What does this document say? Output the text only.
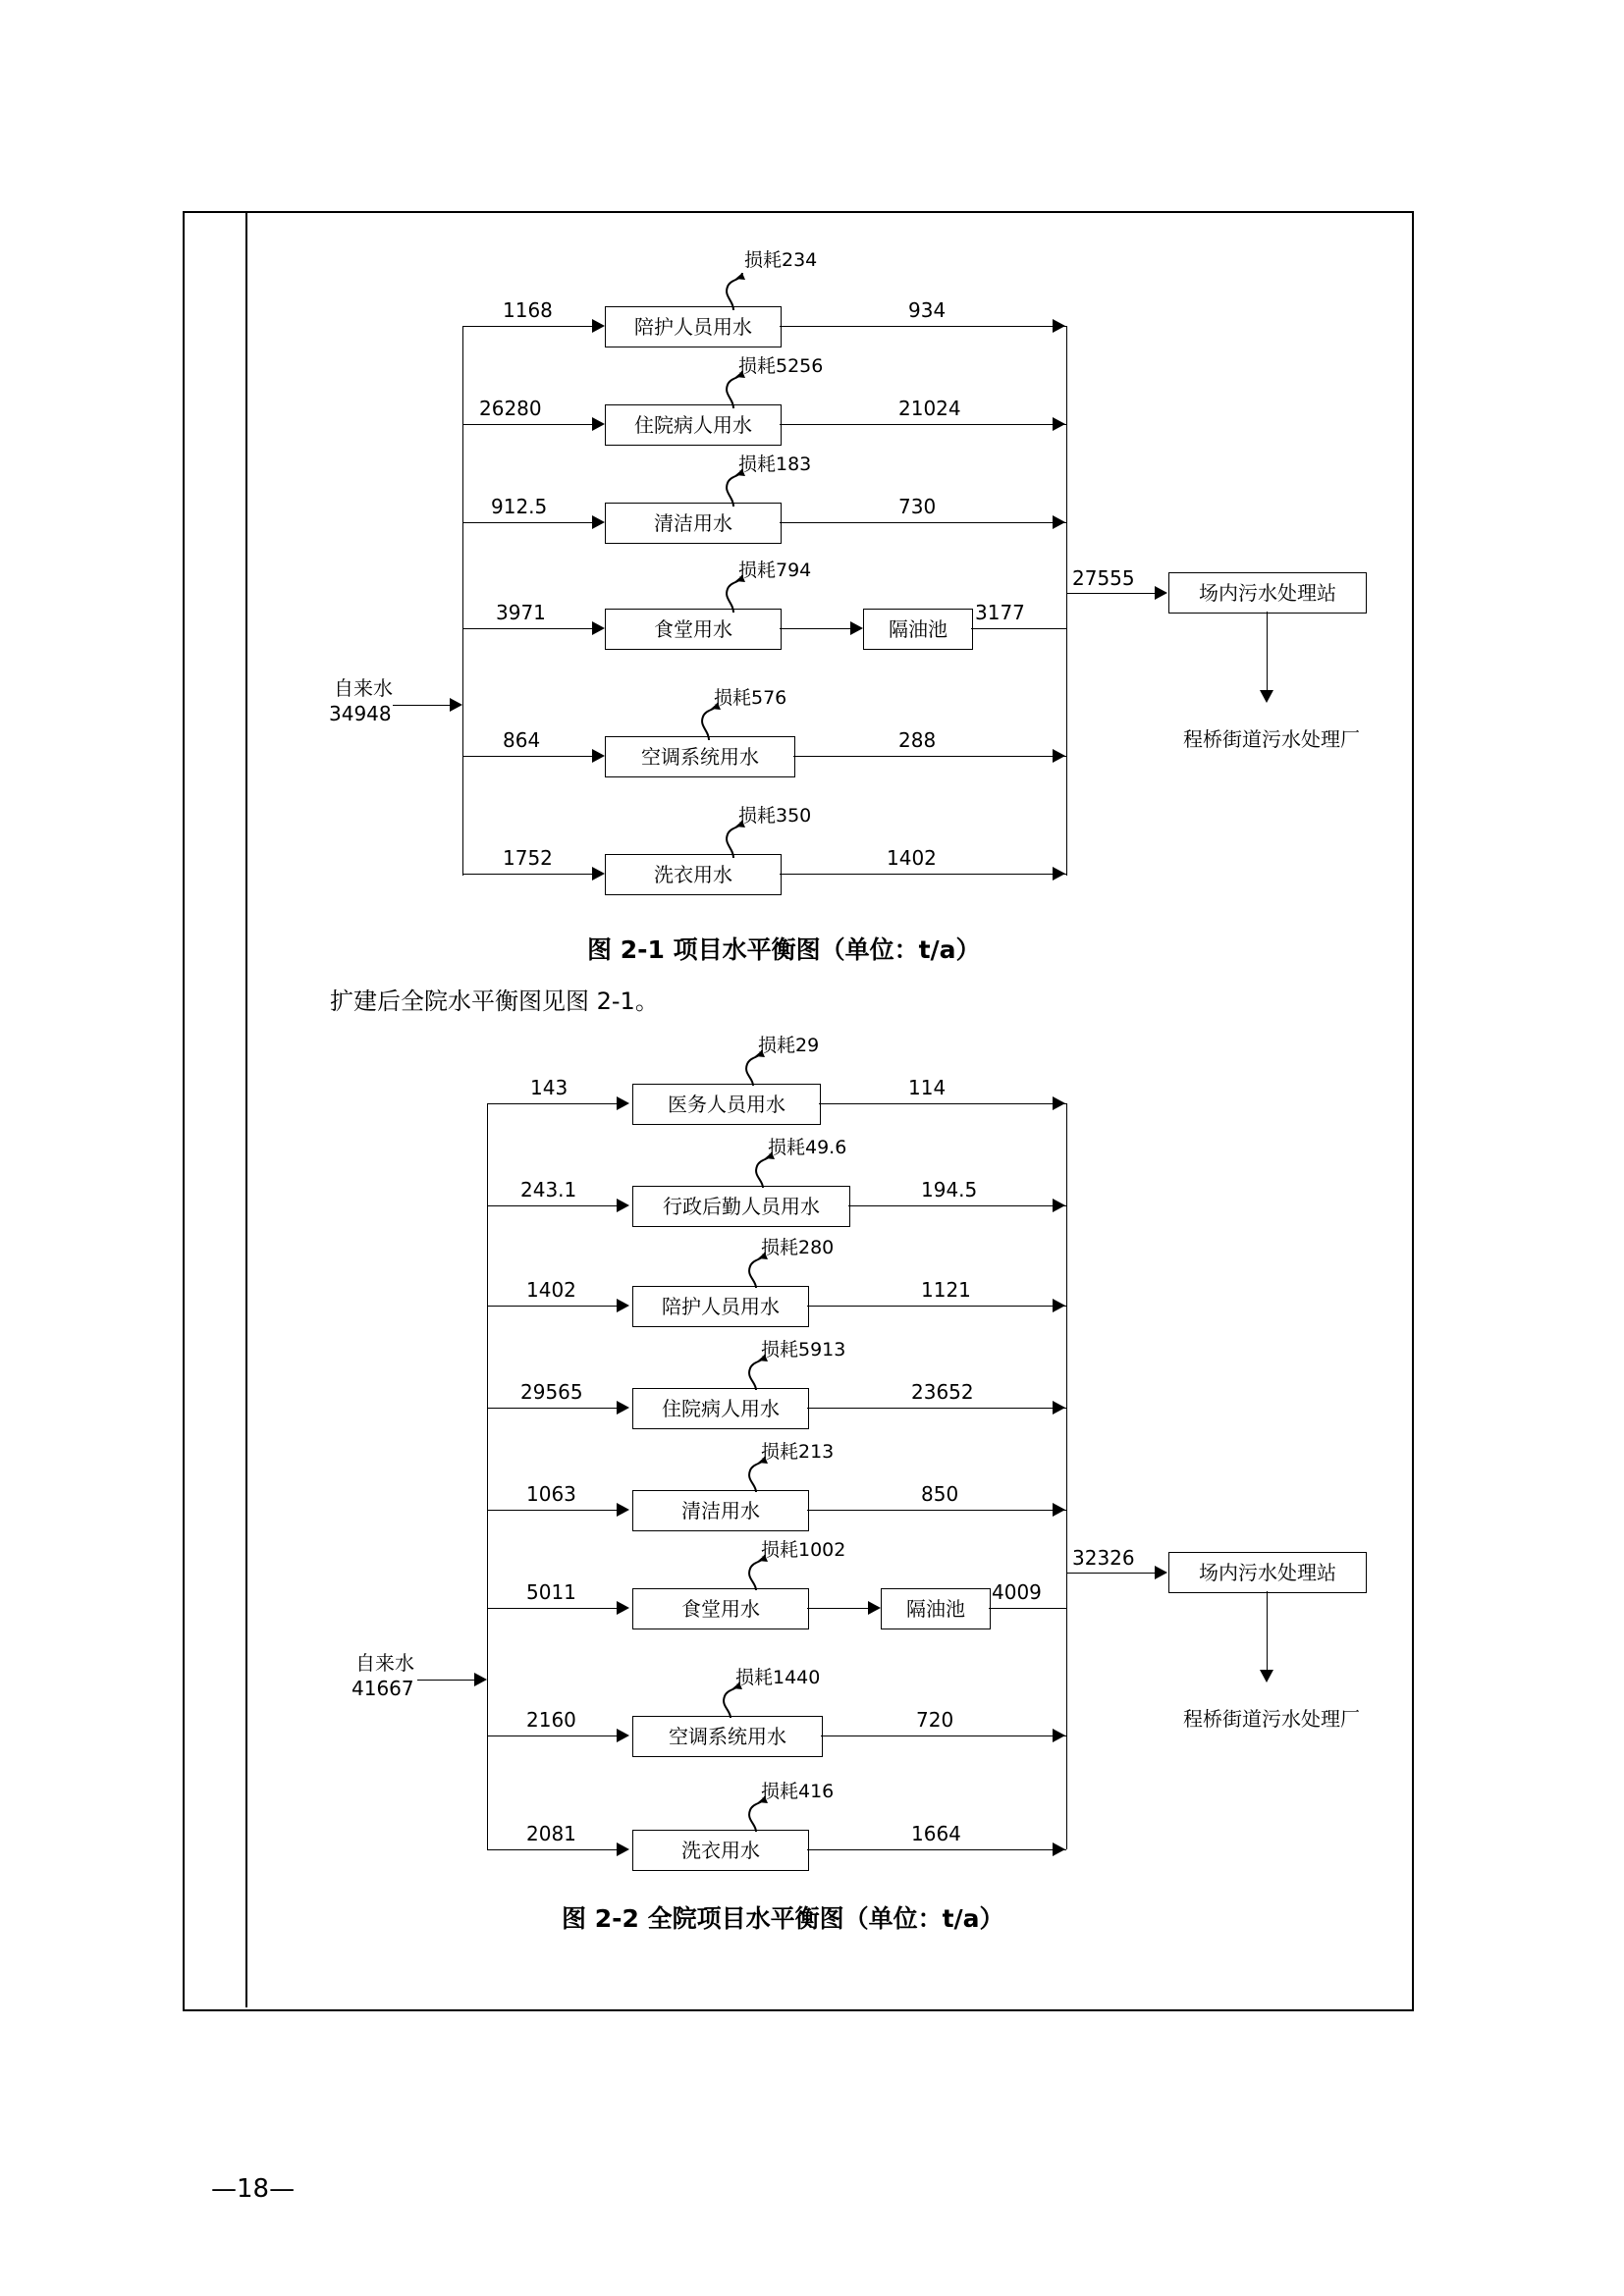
自来水
34948
27555
场内污水处理站
程桥街道污水处理厂
1168
陪护人员用水
934
损耗234
26280
住院病人用水
21024
损耗5256
912.5
清洁用水
730
损耗183
3971
食堂用水	隔油池
3177
损耗794
864
空调系统用水
288
损耗576
1752
洗衣用水
1402
损耗350
图 2-1 项目水平衡图（单位：t/a）
扩建后全院水平衡图见图 2-1。
自来水
41667
32326
场内污水处理站
程桥街道污水处理厂
143
医务人员用水
114
损耗29
243.1
行政后勤人员用水
194.5
损耗49.6
1402
陪护人员用水
1121
损耗280
29565
住院病人用水
23652
损耗5913
1063
清洁用水
850
损耗213
5011
食堂用水	隔油池
4009
损耗1002
2160
空调系统用水
720
损耗1440
2081
洗衣用水
1664
损耗416
图 2-2 全院项目水平衡图（单位：t/a）
—18—
